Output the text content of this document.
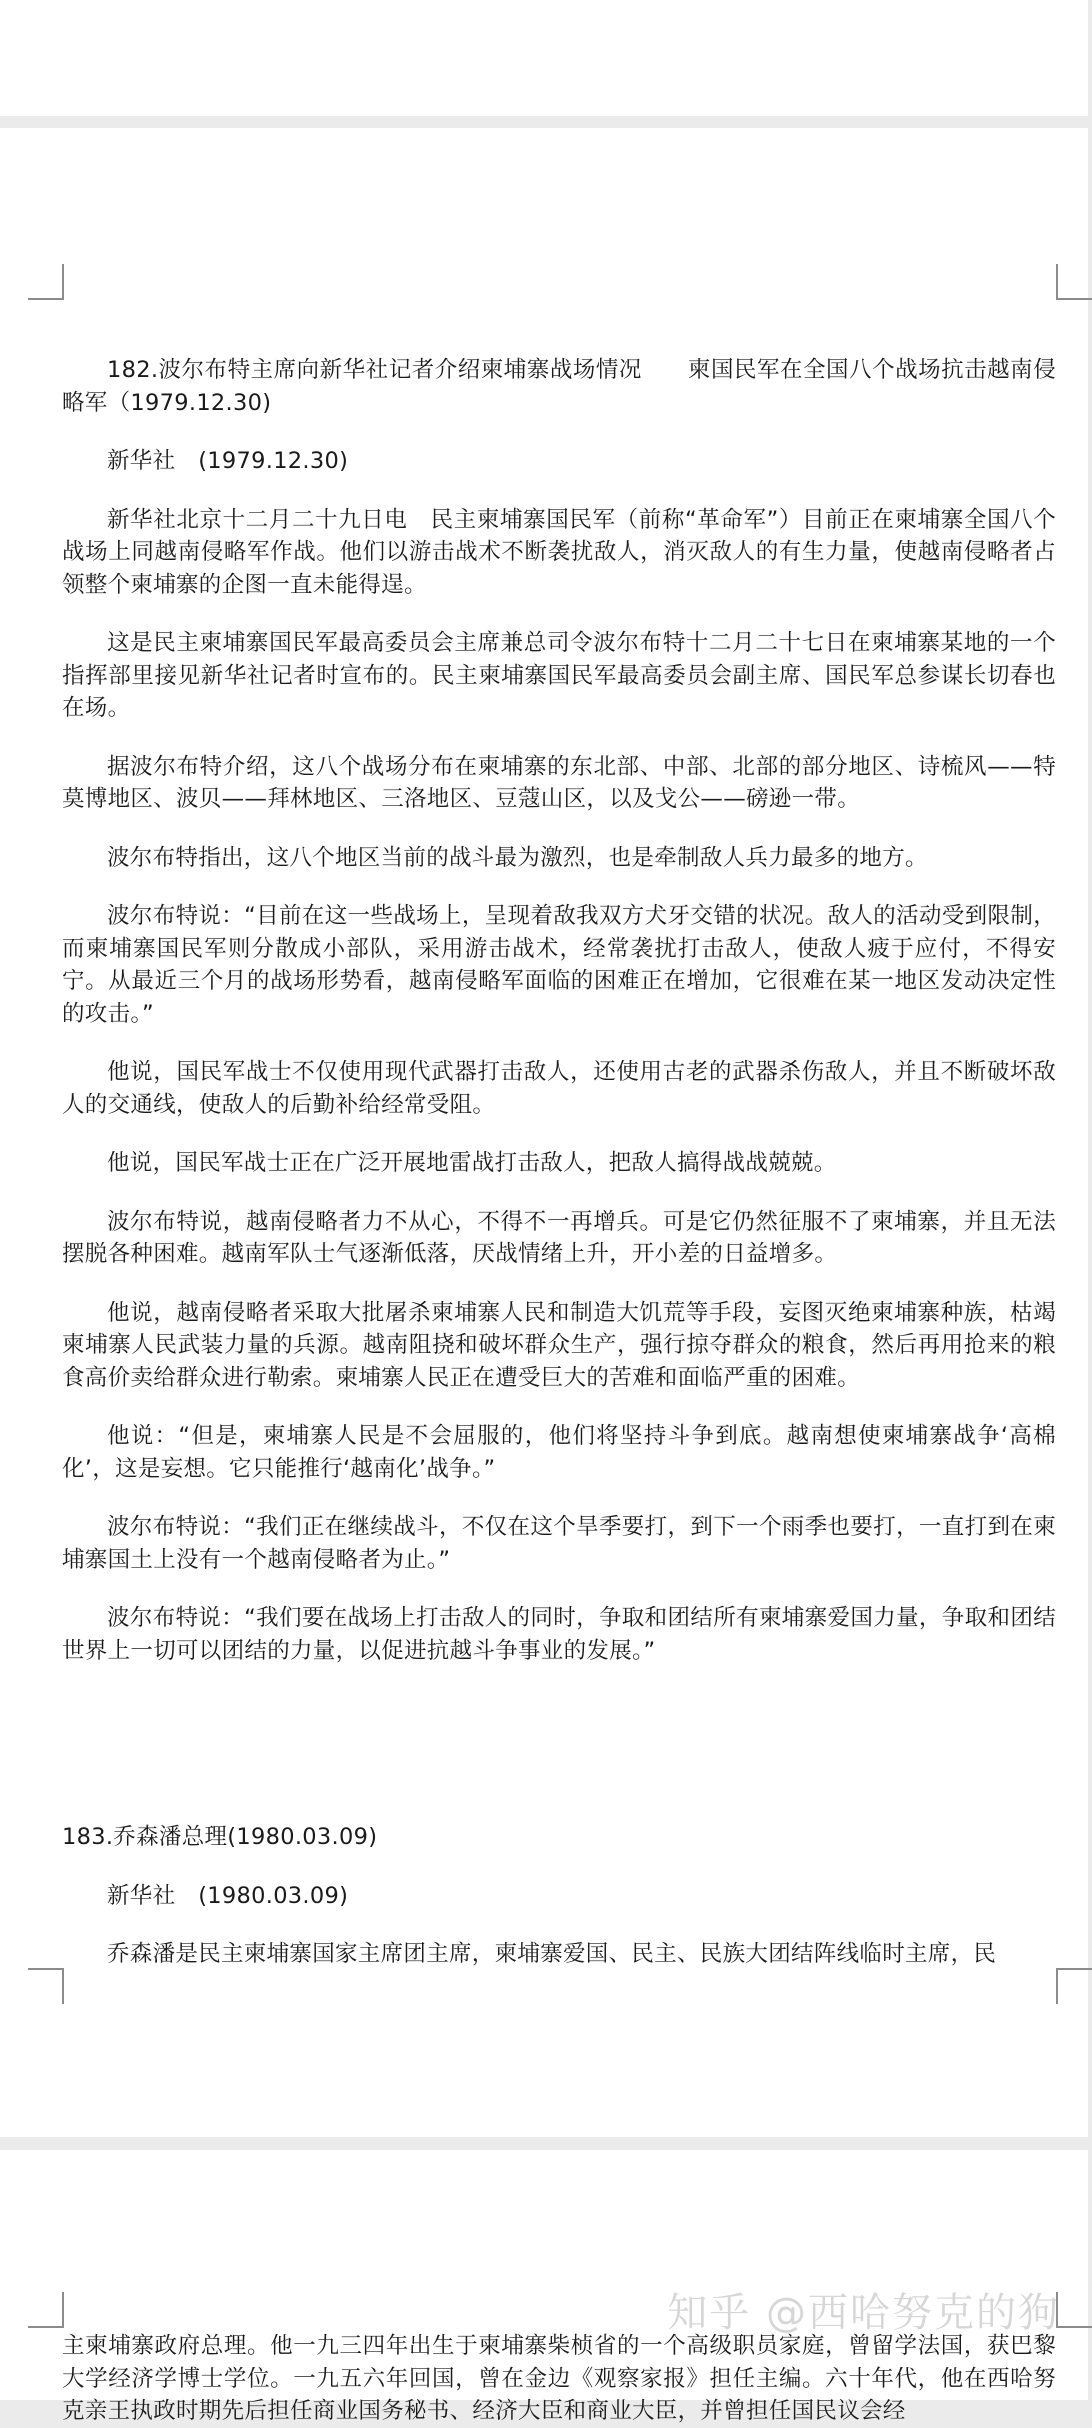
182.波尔布特主席向新华社记者介绍柬埔寨战场情况　　柬国民军在全国八个战场抗击越南侵略军（1979.12.30)

新华社　(1979.12.30)

新华社北京十二月二十九日电　民主柬埔寨国民军（前称“革命军”）目前正在柬埔寨全国八个战场上同越南侵略军作战。他们以游击战术不断袭扰敌人，消灭敌人的有生力量，使越南侵略者占领整个柬埔寨的企图一直未能得逞。

这是民主柬埔寨国民军最高委员会主席兼总司令波尔布特十二月二十七日在柬埔寨某地的一个指挥部里接见新华社记者时宣布的。民主柬埔寨国民军最高委员会副主席、国民军总参谋长切春也在场。

据波尔布特介绍，这八个战场分布在柬埔寨的东北部、中部、北部的部分地区、诗梳风——特莫博地区、波贝——拜林地区、三洛地区、豆蔻山区，以及戈公——磅逊一带。

波尔布特指出，这八个地区当前的战斗最为激烈，也是牵制敌人兵力最多的地方。

波尔布特说：“目前在这一些战场上，呈现着敌我双方犬牙交错的状况。敌人的活动受到限制，而柬埔寨国民军则分散成小部队，采用游击战术，经常袭扰打击敌人，使敌人疲于应付，不得安宁。从最近三个月的战场形势看，越南侵略军面临的困难正在增加，它很难在某一地区发动决定性的攻击。”

他说，国民军战士不仅使用现代武器打击敌人，还使用古老的武器杀伤敌人，并且不断破坏敌人的交通线，使敌人的后勤补给经常受阻。

他说，国民军战士正在广泛开展地雷战打击敌人，把敌人搞得战战兢兢。

波尔布特说，越南侵略者力不从心，不得不一再增兵。可是它仍然征服不了柬埔寨，并且无法摆脱各种困难。越南军队士气逐渐低落，厌战情绪上升，开小差的日益增多。

他说，越南侵略者采取大批屠杀柬埔寨人民和制造大饥荒等手段，妄图灭绝柬埔寨种族，枯竭柬埔寨人民武装力量的兵源。越南阻挠和破坏群众生产，强行掠夺群众的粮食，然后再用抢来的粮食高价卖给群众进行勒索。柬埔寨人民正在遭受巨大的苦难和面临严重的困难。

他说：“但是，柬埔寨人民是不会屈服的，他们将坚持斗争到底。越南想使柬埔寨战争‘高棉化’，这是妄想。它只能推行‘越南化’战争。”

波尔布特说：“我们正在继续战斗，不仅在这个旱季要打，到下一个雨季也要打，一直打到在柬埔寨国土上没有一个越南侵略者为止。”

波尔布特说：“我们要在战场上打击敌人的同时，争取和团结所有柬埔寨爱国力量，争取和团结世界上一切可以团结的力量，以促进抗越斗争事业的发展。”

183.乔森潘总理(1980.03.09)

新华社　(1980.03.09)

乔森潘是民主柬埔寨国家主席团主席，柬埔寨爱国、民主、民族大团结阵线临时主席，民

主柬埔寨政府总理。他一九三四年出生于柬埔寨柴桢省的一个高级职员家庭，曾留学法国，获巴黎大学经济学博士学位。一九五六年回国，曾在金边《观察家报》担任主编。六十年代，他在西哈努克亲王执政时期先后担任商业国务秘书、经济大臣和商业大臣，并曾担任国民议会经
知乎 @西哈努克的狗
